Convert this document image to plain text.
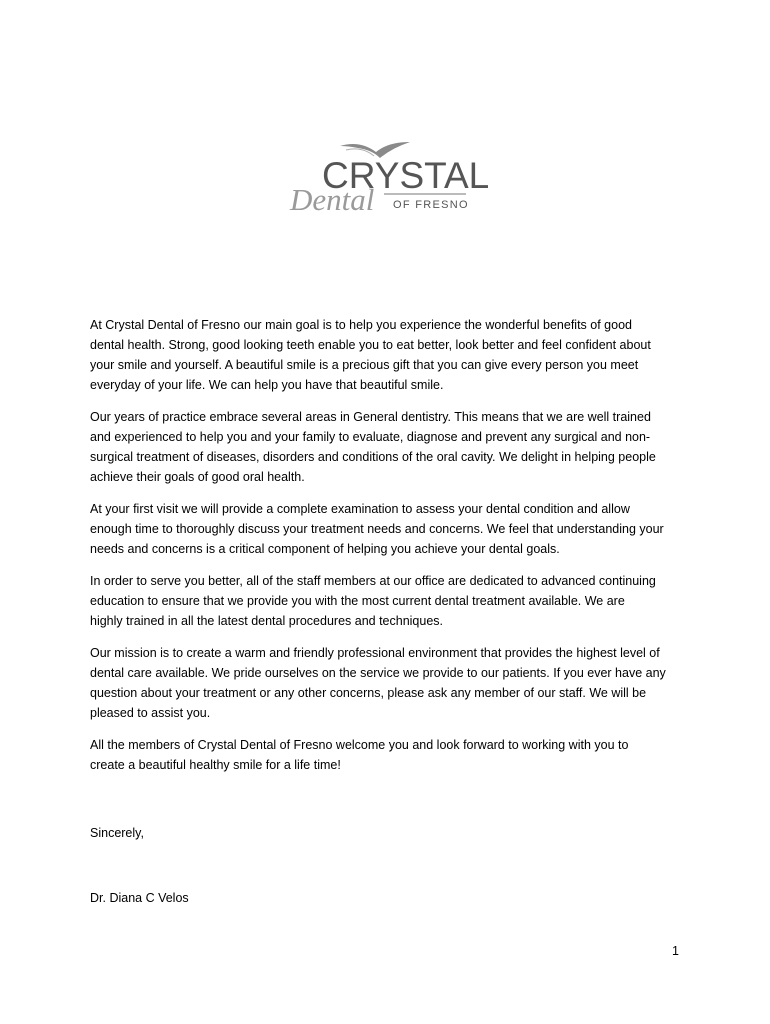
CRYSTAL
Dental OF FRESNO

At Crystal Dental of Fresno our main goal is to help you experience the wonderful benefits of good
dental health. Strong, good looking teeth enable you to eat better, look better and feel confident about
your smile and yourself. A beautiful smile is a precious gift that you can give every person you meet
everyday of your life. We can help you have that beautiful smile.

Our years of practice embrace several areas in General dentistry. This means that we are well trained
and experienced to help you and your family to evaluate, diagnose and prevent any surgical and non-
surgical treatment of diseases, disorders and conditions of the oral cavity. We delight in helping people
achieve their goals of good oral health.

At your first visit we will provide a complete examination to assess your dental condition and allow
enough time to thoroughly discuss your treatment needs and concerns. We feel that understanding your
needs and concerns is a critical component of helping you achieve your dental goals.

In order to serve you better, all of the staff members at our office are dedicated to advanced continuing
education to ensure that we provide you with the most current dental treatment available. We are
highly trained in all the latest dental procedures and techniques.

Our mission is to create a warm and friendly professional environment that provides the highest level of
dental care available. We pride ourselves on the service we provide to our patients. If you ever have any
question about your treatment or any other concerns, please ask any member of our staff. We will be
pleased to assist you.

All the members of Crystal Dental of Fresno welcome you and look forward to working with you to
create a beautiful healthy smile for a life time!

Sincerely,
Dr. Diana C Velos
1
